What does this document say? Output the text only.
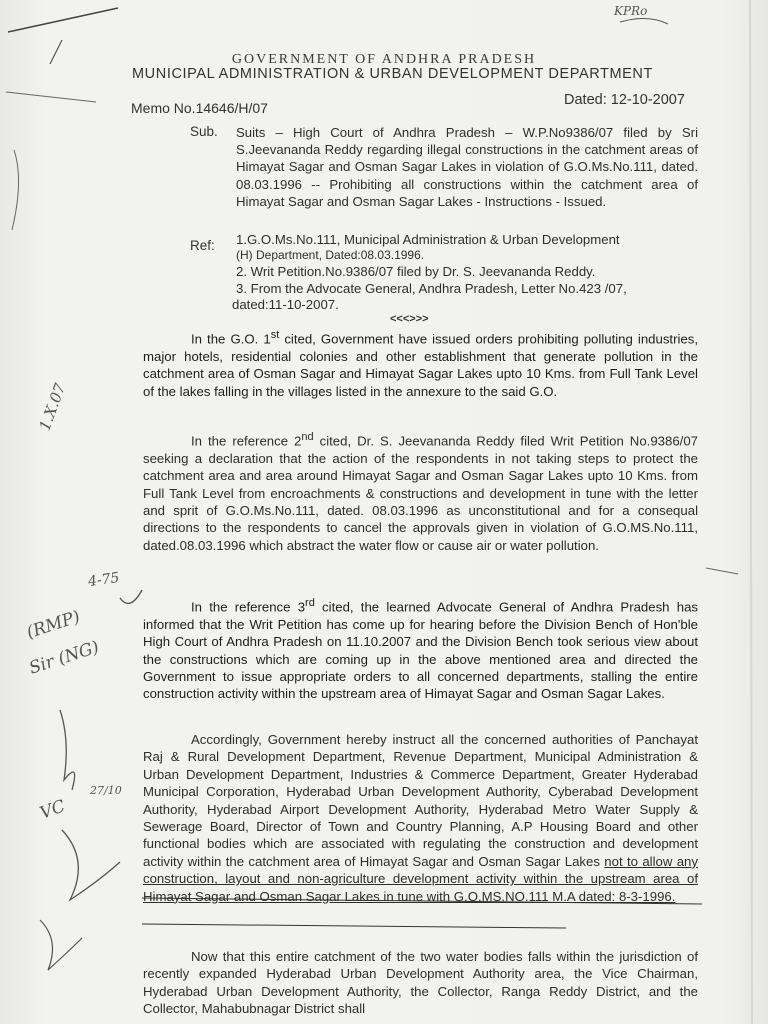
KPRo
1.X.07
4-75
(RMP)
Sir (NG)
27/10
VC
GOVERNMENT OF ANDHRA PRADESH
MUNICIPAL ADMINISTRATION & URBAN DEVELOPMENT DEPARTMENT
Memo No.14646/H/07	Dated: 12-10-2007
Sub. Suits – High Court of Andhra Pradesh – W.P.No9386/07 filed by Sri S.Jeevananda Reddy regarding illegal constructions in the catchment areas of Himayat Sagar and Osman Sagar Lakes in violation of G.O.Ms.No.111, dated. 08.03.1996 -- Prohibiting all constructions within the catchment area of Himayat Sagar and Osman Sagar Lakes - Instructions - Issued.
Ref: 1.G.O.Ms.No.111, Municipal Administration & Urban Development
(H) Department, Dated:08.03.1996.
2. Writ Petition.No.9386/07 filed by Dr. S. Jeevananda Reddy.
3. From the Advocate General, Andhra Pradesh, Letter No.423 /07,
dated:11-10-2007.
<<<>>>
In the G.O. 1st cited, Government have issued orders prohibiting polluting industries, major hotels, residential colonies and other establishment that generate pollution in the catchment area of Osman Sagar and Himayat Sagar Lakes upto 10 Kms. from Full Tank Level of the lakes falling in the villages listed in the annexure to the said G.O.
In the reference 2nd cited, Dr. S. Jeevananda Reddy filed Writ Petition No.9386/07 seeking a declaration that the action of the respondents in not taking steps to protect the catchment area and area around Himayat Sagar and Osman Sagar Lakes upto 10 Kms. from Full Tank Level from encroachments & constructions and development in tune with the letter and sprit of G.O.Ms.No.111, dated. 08.03.1996 as unconstitutional and for a consequal directions to the respondents to cancel the approvals given in violation of G.O.MS.No.111, dated.08.03.1996 which abstract the water flow or cause air or water pollution.
In the reference 3rd cited, the learned Advocate General of Andhra Pradesh has informed that the Writ Petition has come up for hearing before the Division Bench of Hon'ble High Court of Andhra Pradesh on 11.10.2007 and the Division Bench took serious view about the constructions which are coming up in the above mentioned area and directed the Government to issue appropriate orders to all concerned departments, stalling the entire construction activity within the upstream area of Himayat Sagar and Osman Sagar Lakes.
Accordingly, Government hereby instruct all the concerned authorities of Panchayat Raj & Rural Development Department, Revenue Department, Municipal Administration & Urban Development Department, Industries & Commerce Department, Greater Hyderabad Municipal Corporation, Hyderabad Urban Development Authority, Cyberabad Development Authority, Hyderabad Airport Development Authority, Hyderabad Metro Water Supply & Sewerage Board, Director of Town and Country Planning, A.P Housing Board and other functional bodies which are associated with regulating the construction and development activity within the catchment area of Himayat Sagar and Osman Sagar Lakes not to allow any construction, layout and non-agriculture development activity within the upstream area of Himayat Sagar and Osman Sagar Lakes in tune with G.O.MS.NO.111 M.A dated: 8-3-1996.
Now that this entire catchment of the two water bodies falls within the jurisdiction of recently expanded Hyderabad Urban Development Authority area, the Vice Chairman, Hyderabad Urban Development Authority, the Collector, Ranga Reddy District, and the Collector, Mahabubnagar District shall
